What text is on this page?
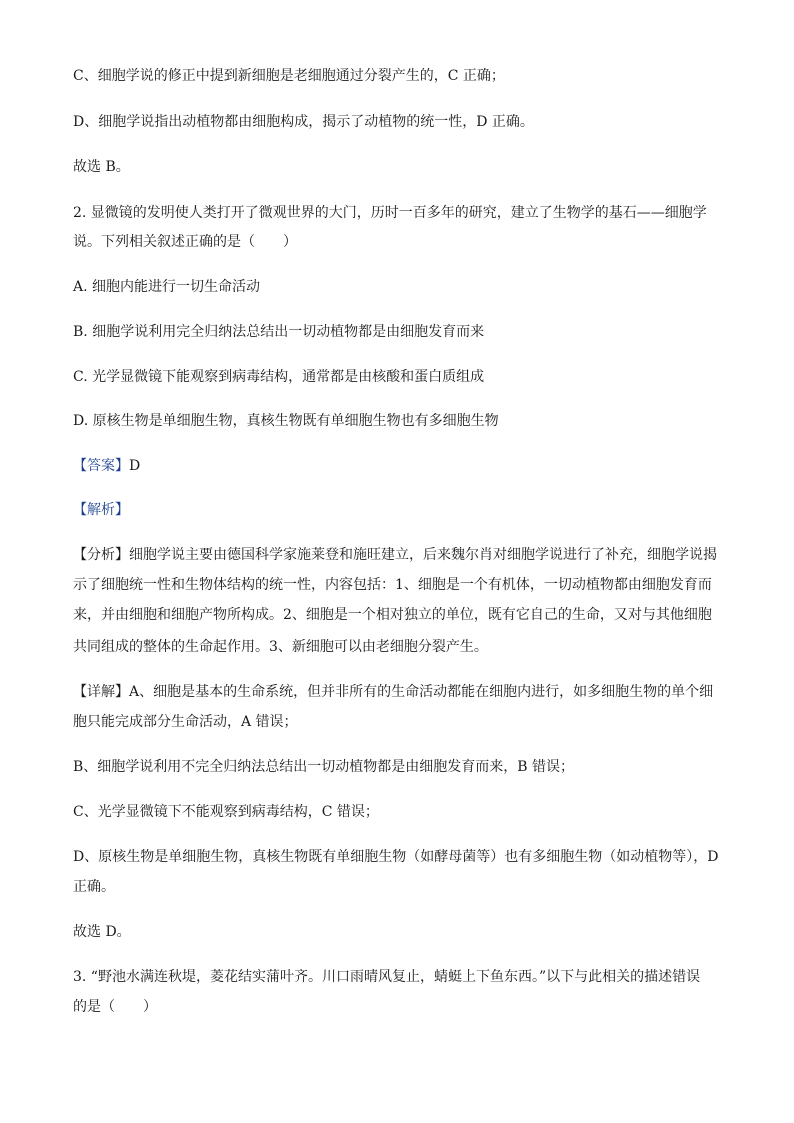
C、细胞学说的修正中提到新细胞是老细胞通过分裂产生的，C 正确；
D、细胞学说指出动植物都由细胞构成，揭示了动植物的统一性，D 正确。
故选 B。
2. 显微镜的发明使人类打开了微观世界的大门，历时一百多年的研究，建立了生物学的基石——细胞学
说。下列相关叙述正确的是（　　）
A. 细胞内能进行一切生命活动
B. 细胞学说利用完全归纳法总结出一切动植物都是由细胞发育而来
C. 光学显微镜下能观察到病毒结构，通常都是由核酸和蛋白质组成
D. 原核生物是单细胞生物，真核生物既有单细胞生物也有多细胞生物
【答案】D
【解析】
【分析】细胞学说主要由德国科学家施莱登和施旺建立，后来魏尔肖对细胞学说进行了补充，细胞学说揭
示了细胞统一性和生物体结构的统一性，内容包括：1、细胞是一个有机体，一切动植物都由细胞发育而
来，并由细胞和细胞产物所构成。2、细胞是一个相对独立的单位，既有它自己的生命，又对与其他细胞
共同组成的整体的生命起作用。3、新细胞可以由老细胞分裂产生。
【详解】A、细胞是基本的生命系统，但并非所有的生命活动都能在细胞内进行，如多细胞生物的单个细
胞只能完成部分生命活动，A 错误；
B、细胞学说利用不完全归纳法总结出一切动植物都是由细胞发育而来，B 错误；
C、光学显微镜下不能观察到病毒结构，C 错误；
D、原核生物是单细胞生物，真核生物既有单细胞生物（如酵母菌等）也有多细胞生物（如动植物等），D
正确。
故选 D。
3. “野池水满连秋堤，菱花结实蒲叶齐。川口雨晴风复止，蜻蜓上下鱼东西。”以下与此相关的描述错误
的是（　　）
